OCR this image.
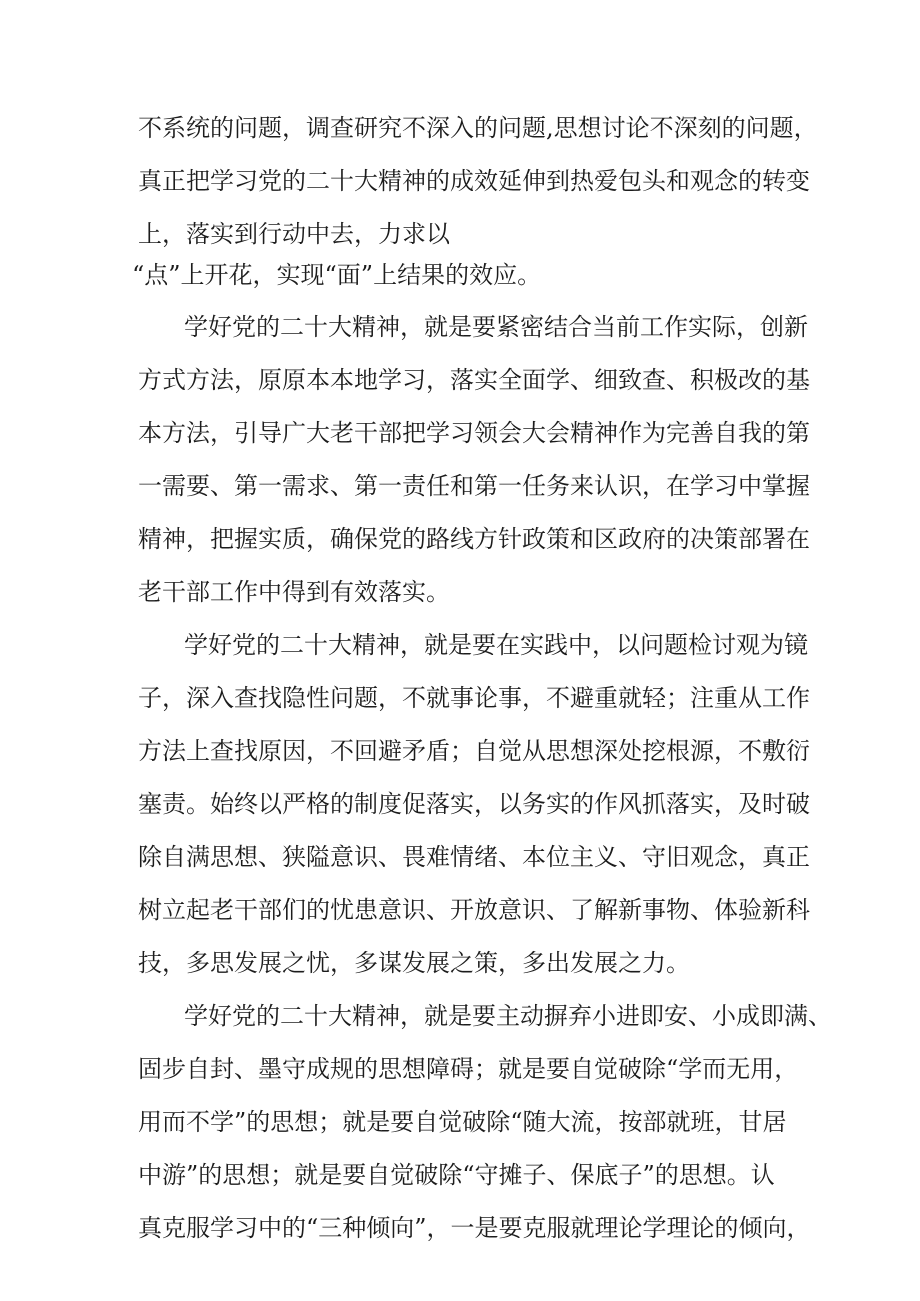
不系统的问题，调查研究不深入的问题,思想讨论不深刻的问题，
真正把学习党的二十大精神的成效延伸到热爱包头和观念的转变
上，落实到行动中去，力求以
“点”上开花，实现“面”上结果的效应。
学好党的二十大精神，就是要紧密结合当前工作实际，创新
方式方法，原原本本地学习，落实全面学、细致查、积极改的基
本方法，引导广大老干部把学习领会大会精神作为完善自我的第
一需要、第一需求、第一责任和第一任务来认识，在学习中掌握
精神，把握实质，确保党的路线方针政策和区政府的决策部署在
老干部工作中得到有效落实。
学好党的二十大精神，就是要在实践中，以问题检讨观为镜
子，深入查找隐性问题，不就事论事，不避重就轻；注重从工作
方法上查找原因，不回避矛盾；自觉从思想深处挖根源，不敷衍
塞责。始终以严格的制度促落实，以务实的作风抓落实，及时破
除自满思想、狭隘意识、畏难情绪、本位主义、守旧观念，真正
树立起老干部们的忧患意识、开放意识、了解新事物、体验新科
技，多思发展之忧，多谋发展之策，多出发展之力。
学好党的二十大精神，就是要主动摒弃小进即安、小成即满、
固步自封、墨守成规的思想障碍；就是要自觉破除“学而无用，
用而不学”的思想；就是要自觉破除“随大流，按部就班，甘居
中游”的思想；就是要自觉破除“守摊子、保底子”的思想。认
真克服学习中的“三种倾向”，一是要克服就理论学理论的倾向，
